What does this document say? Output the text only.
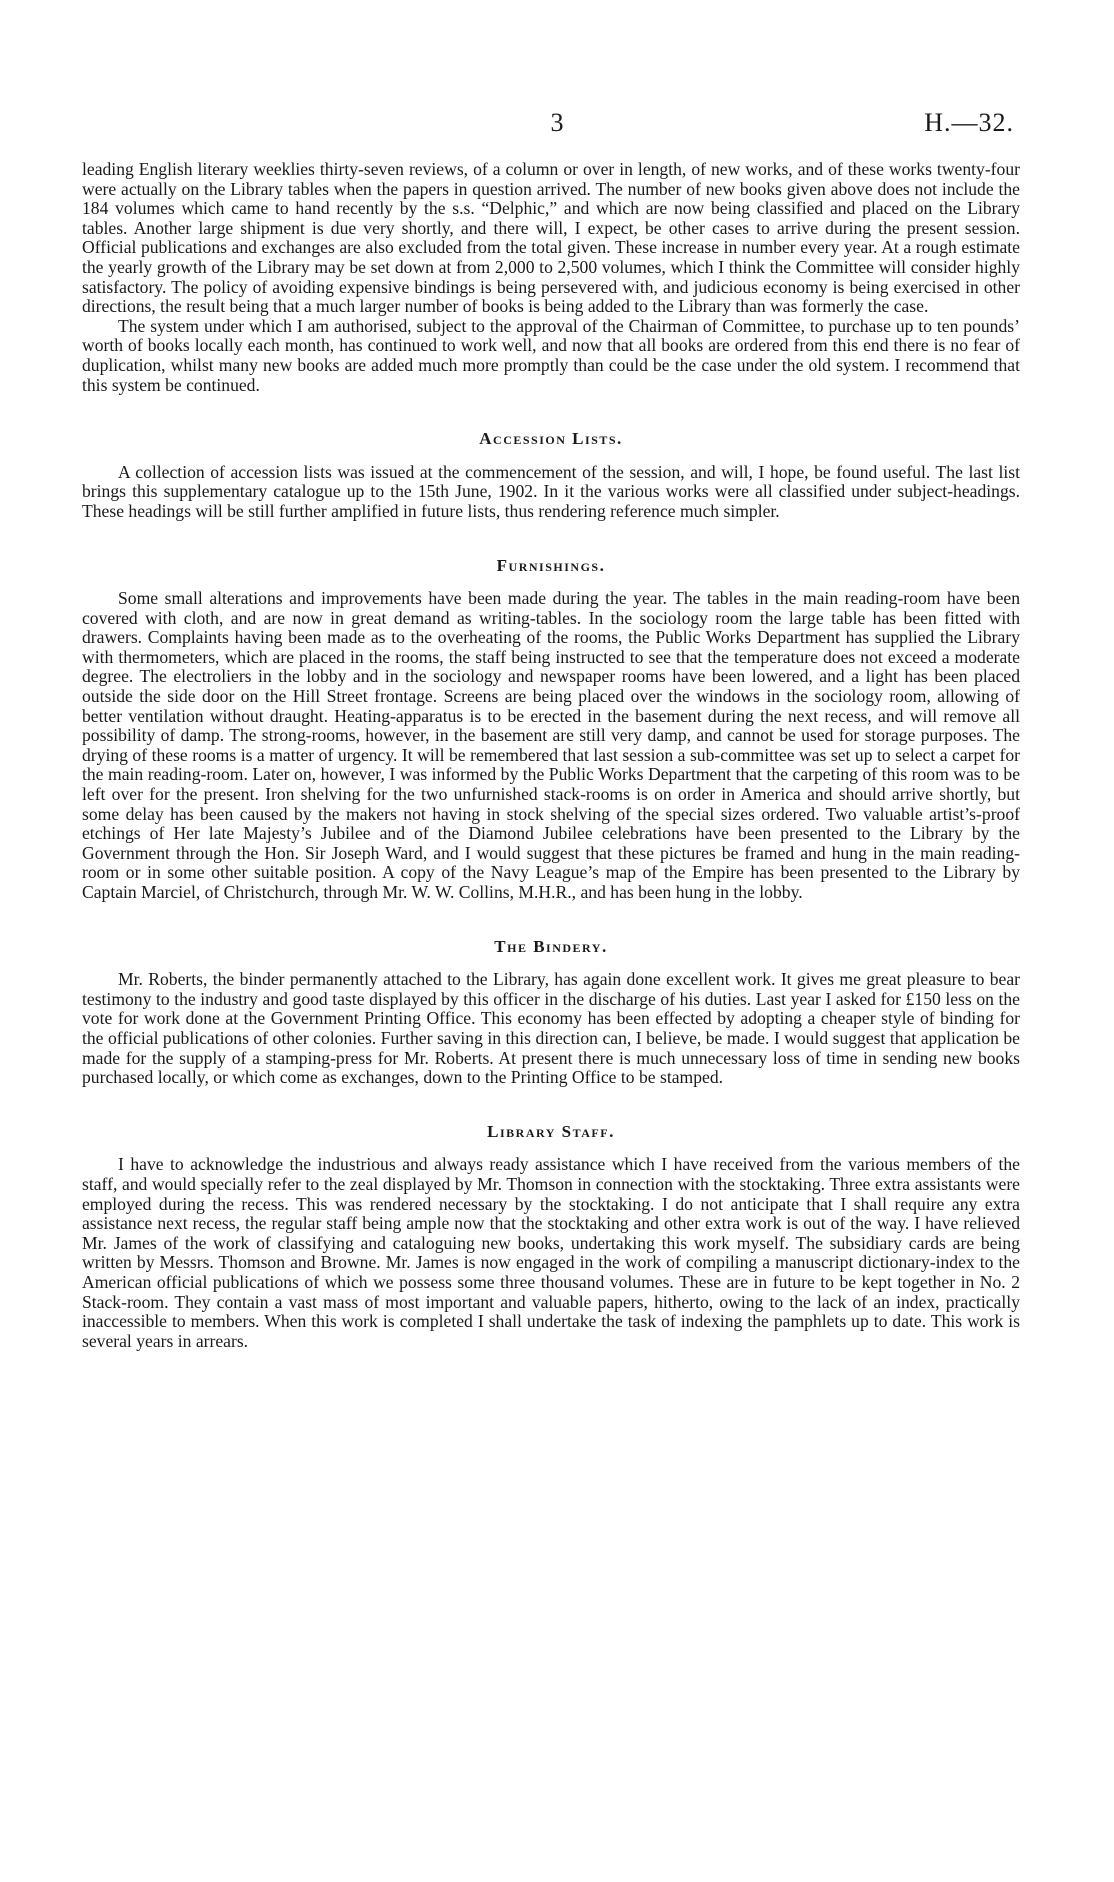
3	H.—32.

leading English literary weeklies thirty-seven reviews, of a column or over in length, of new works, and of these works twenty-four were actually on the Library tables when the papers in question arrived. The number of new books given above does not include the 184 volumes which came to hand recently by the s.s. “Delphic,” and which are now being classified and placed on the Library tables. Another large shipment is due very shortly, and there will, I expect, be other cases to arrive during the present session. Official publications and exchanges are also excluded from the total given. These increase in number every year. At a rough estimate the yearly growth of the Library may be set down at from 2,000 to 2,500 volumes, which I think the Committee will consider highly satisfactory. The policy of avoiding expensive bindings is being persevered with, and judicious economy is being exercised in other directions, the result being that a much larger number of books is being added to the Library than was formerly the case.

The system under which I am authorised, subject to the approval of the Chairman of Committee, to purchase up to ten pounds’ worth of books locally each month, has continued to work well, and now that all books are ordered from this end there is no fear of duplication, whilst many new books are added much more promptly than could be the case under the old system. I recommend that this system be continued.

Accession Lists.

A collection of accession lists was issued at the commencement of the session, and will, I hope, be found useful. The last list brings this supplementary catalogue up to the 15th June, 1902. In it the various works were all classified under subject-headings. These headings will be still further amplified in future lists, thus rendering reference much simpler.

Furnishings.

Some small alterations and improvements have been made during the year. The tables in the main reading-room have been covered with cloth, and are now in great demand as writing-tables. In the sociology room the large table has been fitted with drawers. Complaints having been made as to the overheating of the rooms, the Public Works Department has supplied the Library with thermometers, which are placed in the rooms, the staff being instructed to see that the temperature does not exceed a moderate degree. The electroliers in the lobby and in the sociology and newspaper rooms have been lowered, and a light has been placed outside the side door on the Hill Street frontage. Screens are being placed over the windows in the sociology room, allowing of better ventilation without draught. Heating-apparatus is to be erected in the basement during the next recess, and will remove all possibility of damp. The strong-rooms, however, in the basement are still very damp, and cannot be used for storage purposes. The drying of these rooms is a matter of urgency. It will be remembered that last session a sub-committee was set up to select a carpet for the main reading-room. Later on, however, I was informed by the Public Works Department that the carpeting of this room was to be left over for the present. Iron shelving for the two unfurnished stack-rooms is on order in America and should arrive shortly, but some delay has been caused by the makers not having in stock shelving of the special sizes ordered. Two valuable artist’s-proof etchings of Her late Majesty’s Jubilee and of the Diamond Jubilee celebrations have been presented to the Library by the Government through the Hon. Sir Joseph Ward, and I would suggest that these pictures be framed and hung in the main reading-room or in some other suitable position. A copy of the Navy League’s map of the Empire has been presented to the Library by Captain Marciel, of Christchurch, through Mr. W. W. Collins, M.H.R., and has been hung in the lobby.

The Bindery.

Mr. Roberts, the binder permanently attached to the Library, has again done excellent work. It gives me great pleasure to bear testimony to the industry and good taste displayed by this officer in the discharge of his duties. Last year I asked for £150 less on the vote for work done at the Government Printing Office. This economy has been effected by adopting a cheaper style of binding for the official publications of other colonies. Further saving in this direction can, I believe, be made. I would suggest that application be made for the supply of a stamping-press for Mr. Roberts. At present there is much unnecessary loss of time in sending new books purchased locally, or which come as exchanges, down to the Printing Office to be stamped.

Library Staff.

I have to acknowledge the industrious and always ready assistance which I have received from the various members of the staff, and would specially refer to the zeal displayed by Mr. Thomson in connection with the stocktaking. Three extra assistants were employed during the recess. This was rendered necessary by the stocktaking. I do not anticipate that I shall require any extra assistance next recess, the regular staff being ample now that the stocktaking and other extra work is out of the way. I have relieved Mr. James of the work of classifying and cataloguing new books, undertaking this work myself. The subsidiary cards are being written by Messrs. Thomson and Browne. Mr. James is now engaged in the work of compiling a manuscript dictionary-index to the American official publications of which we possess some three thousand volumes. These are in future to be kept together in No. 2 Stack-room. They contain a vast mass of most important and valuable papers, hitherto, owing to the lack of an index, practically inaccessible to members. When this work is completed I shall undertake the task of indexing the pamphlets up to date. This work is several years in arrears.
